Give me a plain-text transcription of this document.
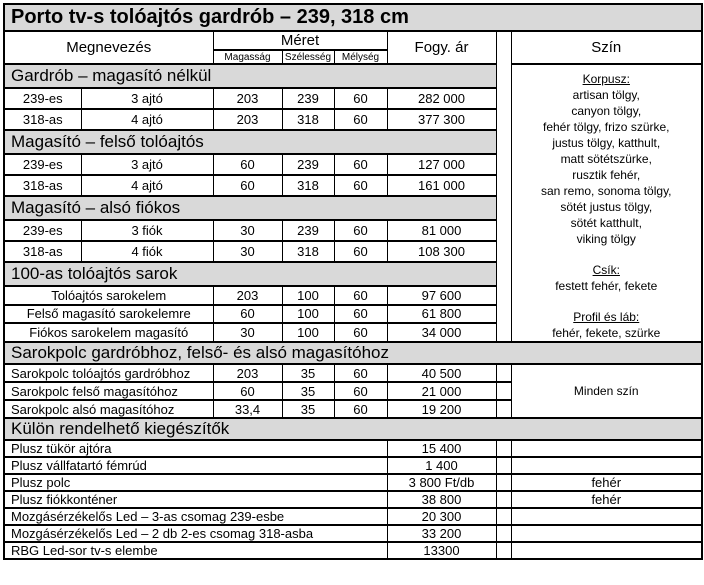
Porto tv-s tolóajtós gardrób – 239, 318 cm							
Megnevezés		Méret			Fogy. ár		Szín
		Magasság	Szélesség	Mélység			
Gardrób – magasító nélkül	Korpusz:
artisan tölgy,
canyon tölgy,
fehér tölgy, frizo szürke,
justus tölgy, katthult,
matt sötétszürke,
rusztik fehér,
san remo, sonoma tölgy,
sötét justus tölgy,
sötét katthult,
viking tölgy
Csík:
festett fehér, fekete
Profil és láb:
fehér, fekete, szürke

239-es	3 ajtó	203	239	60	282 000		
318-as	4 ajtó	203	318	60	377 300		
Magasító – felső tolóajtós							
239-es	3 ajtó	60	239	60	127 000		
318-as	4 ajtó	60	318	60	161 000		
Magasító – alsó fiókos							
239-es	3 fiók	30	239	60	81 000		
318-as	4 fiók	30	318	60	108 300		
100-as tolóajtós sarok							
Tolóajtós sarokelem		203	100	60	97 600		
Felső magasító sarokelemre		60	100	60	61 800		
Fiókos sarokelem magasító		30	100	60	34 000		
Sarokpolc gardróbhoz, felső- és alsó magasítóhoz							
Sarokpolc tolóajtós gardróbhoz		203	35	60	40 500		Minden szín
Sarokpolc felső magasítóhoz		60	35	60	21 000		
Sarokpolc alsó magasítóhoz		33,4	35	60	19 200		
Külön rendelhető kiegészítők							
Plusz tükör ajtóra					15 400		
Plusz vállfatartó fémrúd					1 400		
Plusz polc					3 800 Ft/db		fehér
Plusz fiókkonténer					38 800		fehér
Mozgásérzékelős Led – 3-as csomag 239-esbe					20 300		
Mozgásérzékelős Led – 2 db 2-es csomag 318-asba					33 200		
RBG Led-sor tv-s elembe					13300		
